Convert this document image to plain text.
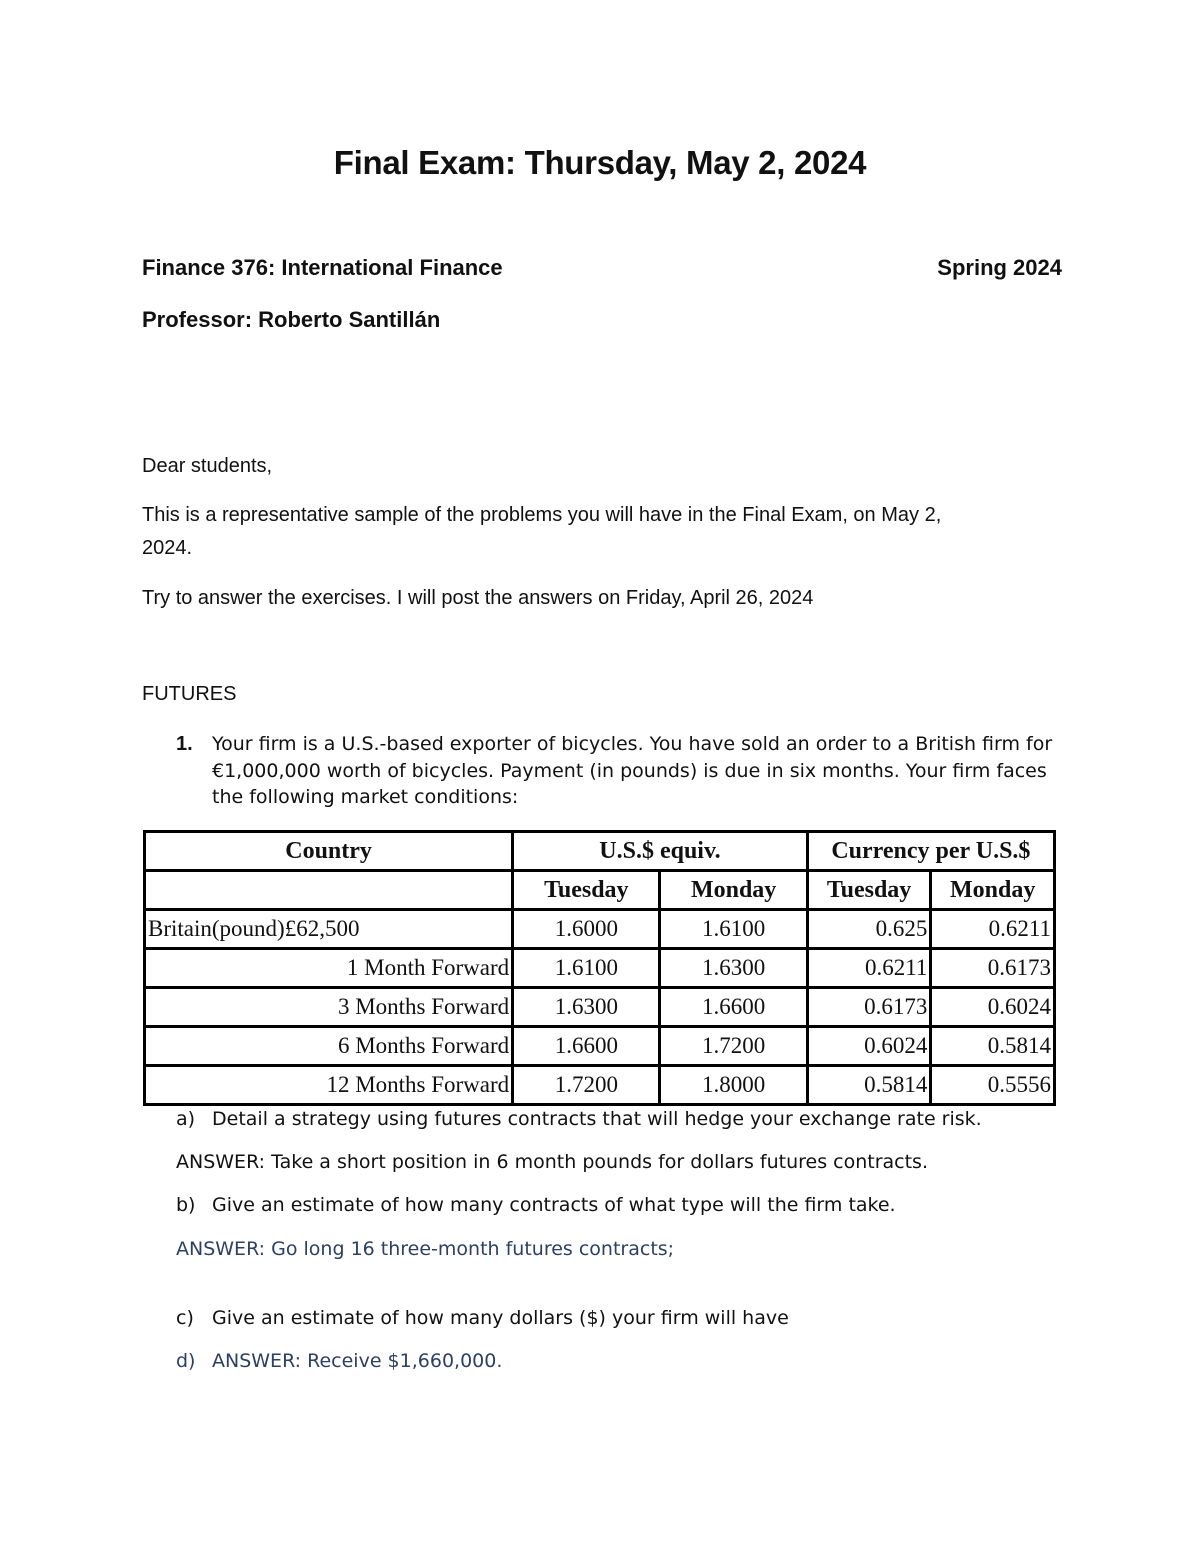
Final Exam: Thursday, May 2, 2024
Finance 376: International Finance	Spring 2024
Professor: Roberto Santillán
Dear students,
This is a representative sample of the problems you will have in the Final Exam, on May 2,
2024.
Try to answer the exercises. I will post the answers on Friday, April 26, 2024
FUTURES
1. Your firm is a U.S.-based exporter of bicycles. You have sold an order to a British firm for
€1,000,000 worth of bicycles. Payment (in pounds) is due in six months. Your firm faces
the following market conditions:
Country	U.S.$ equiv.		Currency per U.S.$	
	Tuesday	Monday	Tuesday	Monday
Britain(pound)£62,500	1.6000	1.6100	0.625	0.6211
1 Month Forward	1.6100	1.6300	0.6211	0.6173
3 Months Forward	1.6300	1.6600	0.6173	0.6024
6 Months Forward	1.6600	1.7200	0.6024	0.5814
12 Months Forward	1.7200	1.8000	0.5814	0.5556
a) Detail a strategy using futures contracts that will hedge your exchange rate risk.
ANSWER: Take a short position in 6 month pounds for dollars futures contracts.
b) Give an estimate of how many contracts of what type will the firm take.
ANSWER: Go long 16 three-month futures contracts;
c) Give an estimate of how many dollars ($) your firm will have
d) ANSWER: Receive $1,660,000.
